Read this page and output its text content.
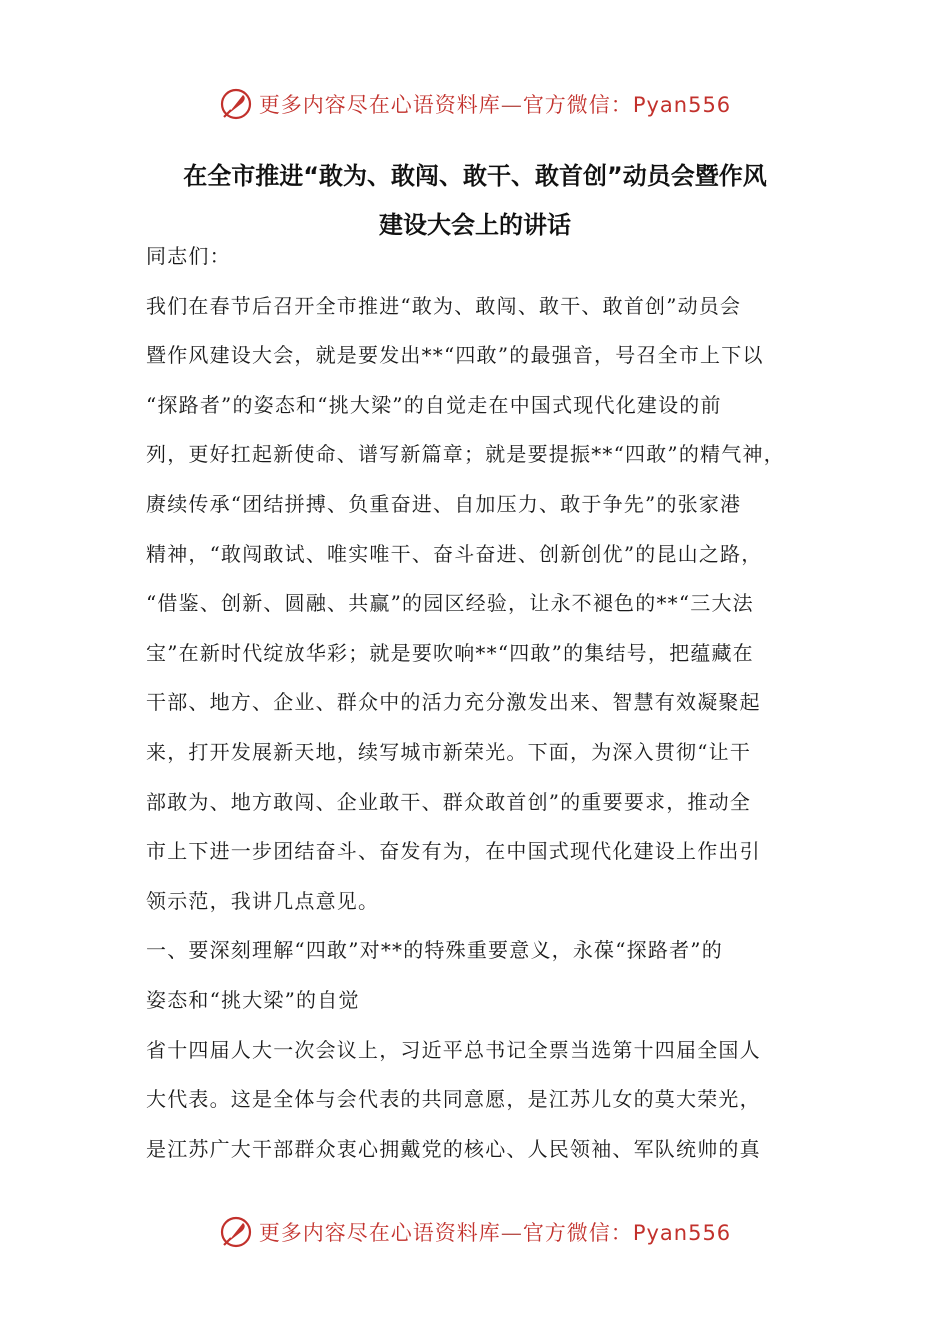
更多内容尽在心语资料库—官方微信：Pyan556
在全市推进“敢为、敢闯、敢干、敢首创”动员会暨作风
建设大会上的讲话
同志们：
我们在春节后召开全市推进“敢为、敢闯、敢干、敢首创”动员会
暨作风建设大会，就是要发出**“四敢”的最强音，号召全市上下以
“探路者”的姿态和“挑大梁”的自觉走在中国式现代化建设的前
列，更好扛起新使命、谱写新篇章；就是要提振**“四敢”的精气神，
赓续传承“团结拼搏、负重奋进、自加压力、敢于争先”的张家港
精神，“敢闯敢试、唯实唯干、奋斗奋进、创新创优”的昆山之路，
“借鉴、创新、圆融、共赢”的园区经验，让永不褪色的**“三大法
宝”在新时代绽放华彩；就是要吹响**“四敢”的集结号，把蕴藏在
干部、地方、企业、群众中的活力充分激发出来、智慧有效凝聚起
来，打开发展新天地，续写城市新荣光。下面，为深入贯彻“让干
部敢为、地方敢闯、企业敢干、群众敢首创”的重要要求，推动全
市上下进一步团结奋斗、奋发有为，在中国式现代化建设上作出引
领示范，我讲几点意见。
一、要深刻理解“四敢”对**的特殊重要意义，永葆“探路者”的
姿态和“挑大梁”的自觉
省十四届人大一次会议上，习近平总书记全票当选第十四届全国人
大代表。这是全体与会代表的共同意愿，是江苏儿女的莫大荣光，
是江苏广大干部群众衷心拥戴党的核心、人民领袖、军队统帅的真
更多内容尽在心语资料库—官方微信：Pyan556
